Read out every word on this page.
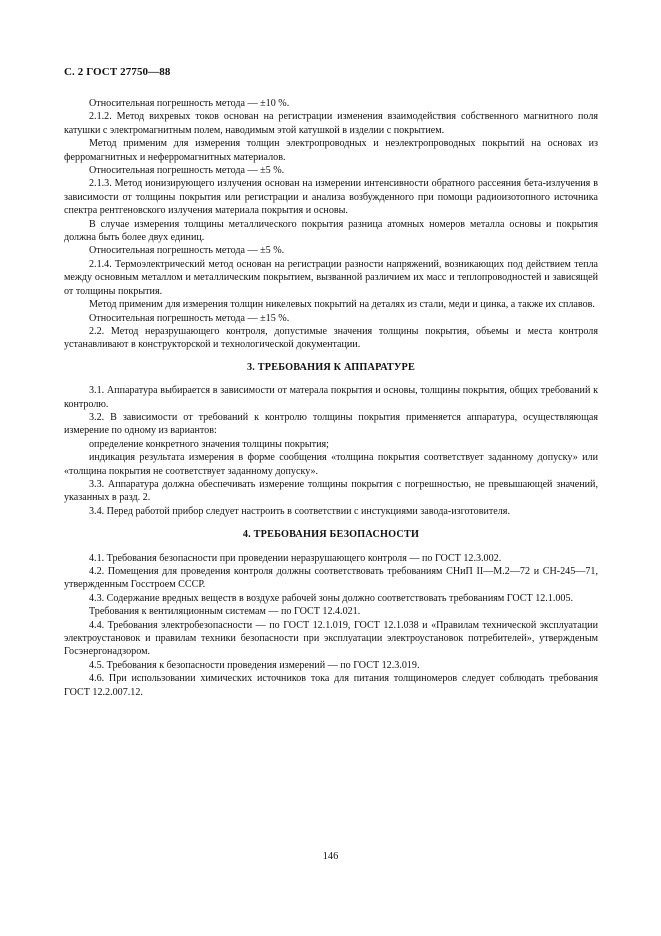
С. 2 ГОСТ 27750—88

Относительная погрешность метода — ±10 %.

2.1.2. Метод вихревых токов основан на регистрации изменения взаимодействия собственного магнитного поля катушки с электромагнитным полем, наводимым этой катушкой в изделии с покрытием.

Метод применим для измерения толщин электропроводных и неэлектропроводных покрытий на основах из ферромагнитных и неферромагнитных материалов.

Относительная погрешность метода — ±5 %.

2.1.3. Метод ионизирующего излучения основан на измерении интенсивности обратного рассеяния бета-излучения в зависимости от толщины покрытия или регистрации и анализа возбужденного при помощи радиоизотопного источника спектра рентгеновского излучения материала покрытия и основы.

В случае измерения толщины металлического покрытия разница атомных номеров металла основы и покрытия должна быть более двух единиц.

Относительная погрешность метода — ±5 %.

2.1.4. Термоэлектрический метод основан на регистрации разности напряжений, возникающих под действием тепла между основным металлом и металлическим покрытием, вызванной различием их масс и теплопроводностей и зависящей от толщины покрытия.

Метод применим для измерения толщин никелевых покрытий на деталях из стали, меди и цинка, а также их сплавов.

Относительная погрешность метода — ±15 %.

2.2. Метод неразрушающего контроля, допустимые значения толщины покрытия, объемы и места контроля устанавливают в конструкторской и технологической документации.

3. ТРЕБОВАНИЯ К АППАРАТУРЕ

3.1. Аппаратура выбирается в зависимости от матерала покрытия и основы, толщины покрытия, общих требований к контролю.

3.2. В зависимости от требований к контролю толщины покрытия применяется аппаратура, осуществляющая измерение по одному из вариантов:

определение конкретного значения толщины покрытия;

индикация результата измерения в форме сообщения «толщина покрытия соответствует заданному допуску» или «толщина покрытия не соответствует заданному допуску».

3.3. Аппаратура должна обеспечивать измерение толщины покрытия с погрешностью, не превышающей значений, указанных в разд. 2.

3.4. Перед работой прибор следует настроить в соответствии с инстукциями завода-изготовителя.

4. ТРЕБОВАНИЯ БЕЗОПАСНОСТИ

4.1. Требования безопасности при проведении неразрушающего контроля — по ГОСТ 12.3.002.

4.2. Помещения для проведения контроля должны соответствовать требованиям СНиП II—М.2—72 и СН-245—71, утвержденным Госстроем СССР.

4.3. Содержание вредных веществ в воздухе рабочей зоны должно соответствовать требованиям ГОСТ 12.1.005.

Требования к вентиляционным системам — по ГОСТ 12.4.021.

4.4. Требования электробезопасности — по ГОСТ 12.1.019, ГОСТ 12.1.038 и «Правилам технической эксплуатации электроустановок и правилам техники безопасности при эксплуатации электроустановок потребителей», утвержденым Госэнергонадзором.

4.5. Требования к безопасности проведения измерений — по ГОСТ 12.3.019.

4.6. При использовании химических источников тока для питания толщиномеров следует соблюдать требования ГОСТ 12.2.007.12.

146
